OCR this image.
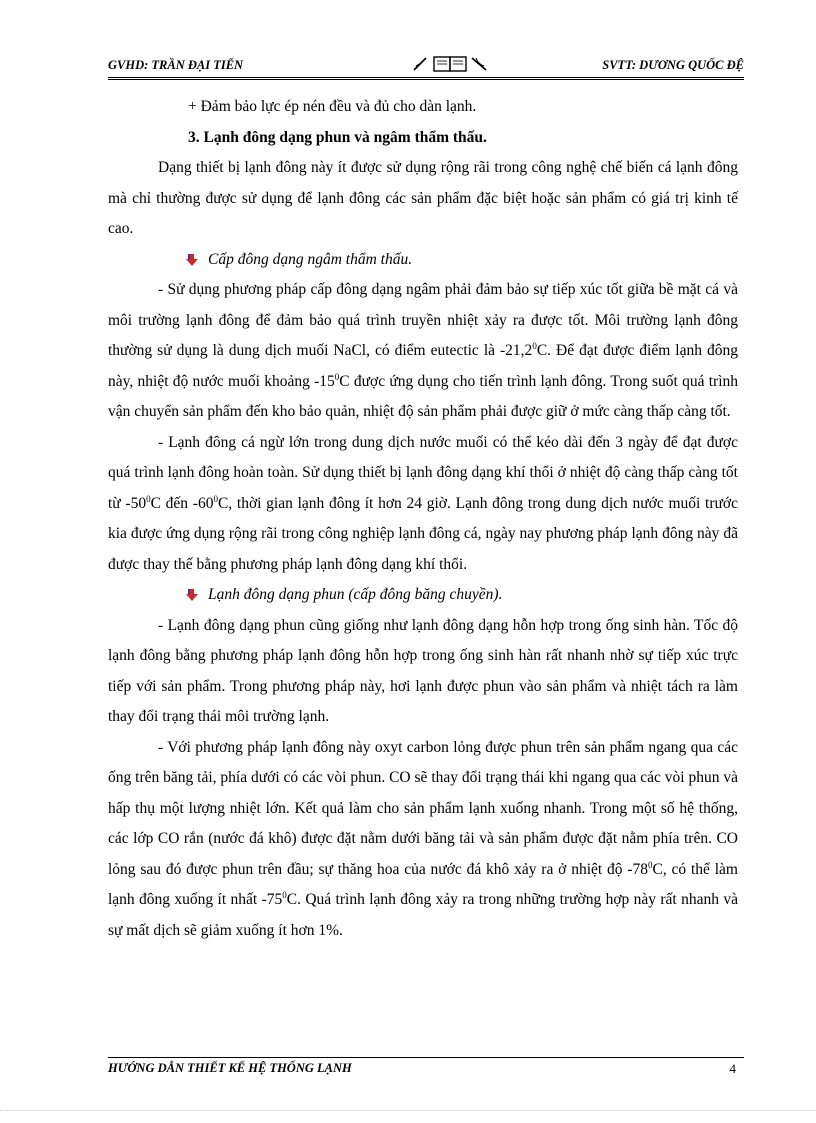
GVHD: TRẦN ĐẠI TIẾN	SVTT: DƯƠNG QUỐC ĐỆ

+ Đảm bảo lực ép nén đều và đủ cho dàn lạnh.

3. Lạnh đông dạng phun và ngâm thẩm thấu.

Dạng thiết bị lạnh đông này ít được sử dụng rộng rãi trong công nghệ chế biến cá lạnh đông mà chỉ thường được sử dụng để lạnh đông các sản phẩm đặc biệt hoặc sản phẩm có giá trị kinh tế cao.

Cấp đông dạng ngâm thẩm thấu.

- Sử dụng phương pháp cấp đông dạng ngâm phải đảm bảo sự tiếp xúc tốt giữa bề mặt cá và môi trường lạnh đông để đảm bảo quá trình truyền nhiệt xảy ra được tốt. Môi trường lạnh đông thường sử dụng là dung dịch muối NaCl, có điểm eutectic là -21,2$^0$C. Để đạt được điểm lạnh đông này, nhiệt độ nước muối khoảng $-15^0C$ được ứng dụng cho tiến trình lạnh đông. Trong suốt quá trình vận chuyển sản phẩm đến kho bảo quản, nhiệt độ sản phẩm phải được giữ ở mức càng thấp càng tốt.

- Lạnh đông cá ngừ lớn trong dung dịch nước muối có thể kéo dài đến 3 ngày để đạt được quá trình lạnh đông hoàn toàn. Sử dụng thiết bị lạnh đông dạng khí thổi ở nhiệt độ càng thấp càng tốt từ $-50^0C$ đến $-60^0C$, thời gian lạnh đông ít hơn 24 giờ. Lạnh đông trong dung dịch nước muối trước kia được ứng dụng rộng rãi trong công nghiệp lạnh đông cá, ngày nay phương pháp lạnh đông này đã được thay thế bằng phương pháp lạnh đông dạng khí thổi.

Lạnh đông dạng phun (cấp đông băng chuyền).

- Lạnh đông dạng phun cũng giống như lạnh đông dạng hỗn hợp trong ống sinh hàn. Tốc độ lạnh đông bằng phương pháp lạnh đông hỗn hợp trong ống sinh hàn rất nhanh nhờ sự tiếp xúc trực tiếp với sản phẩm. Trong phương pháp này, hơi lạnh được phun vào sản phẩm và nhiệt tách ra làm thay đổi trạng thái môi trường lạnh.

- Với phương pháp lạnh đông này oxyt carbon lỏng được phun trên sản phẩm ngang qua các ống trên băng tải, phía dưới có các vòi phun. CO sẽ thay đổi trạng thái khi ngang qua các vòi phun và hấp thụ một lượng nhiệt lớn. Kết quả làm cho sản phẩm lạnh xuống nhanh. Trong một số hệ thống, các lớp CO rắn (nước đá khô) được đặt nằm dưới băng tải và sản phẩm được đặt nằm phía trên. CO lỏng sau đó được phun trên đầu; sự thăng hoa của nước đá khô xảy ra ở nhiệt độ $-78^0C$, có thể làm lạnh đông xuống ít nhất $-75^0C$. Quá trình lạnh đông xảy ra trong những trường hợp này rất nhanh và sự mất dịch sẽ giảm xuống ít hơn 1%.

HƯỚNG DẪN THIẾT KẾ HỆ THỐNG LẠNH	4
